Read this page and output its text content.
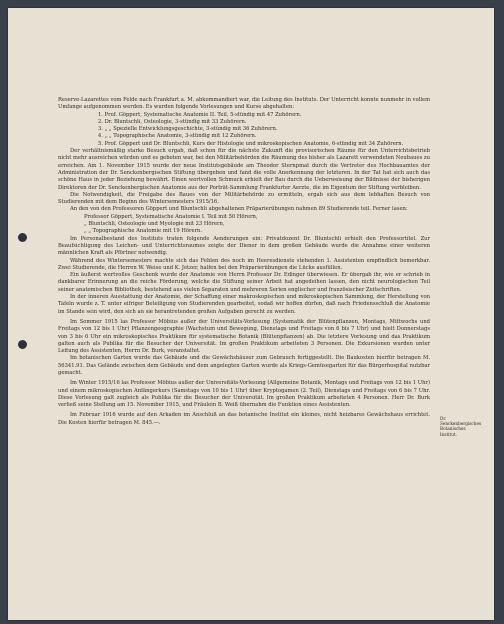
Reserve-Lazarettes vom Felde nach Frankfurt a. M. abkommandiert war, die Leitung des Instituts. Der Unterricht konnte nunmehr in vollem Umfange aufgenommen werden. Es wurden folgende Vorlesungen und Kurse abgehalten:

1. Prof. Göppert, Systematische Anatomie II. Teil, 5-stündig mit 47 Zuhörern.
2. Dr. Bluntschli, Osteologie, 3-stündig mit 33 Zuhörern.
3. „ „ Spezielle Entwicklungsgeschichte, 3-stündig mit 36 Zuhörern.
4. „ „ Topographische Anatomie, 3-stündig mit 12 Zuhörern.
5. Prof. Göppert und Dr. Bluntschli, Kurs der Histologie und mikroskopischen Anatomie, 6-stündig mit 34 Zuhörern.

Der verhältnismäßig starke Besuch ergab, daß schon für die nächste Zukunft die provisorischen Räume für den Unterrichtsbetrieb nicht mehr ausreichen würden und es geboten war, bei den Militärbehörden die Räumung des bisher als Lazarett verwendeten Neubaues zu erreichen. Am 1. November 1915 wurde der neue Institutsgebäude am Theodor Sternpmat durch die Vertreter des Hochbauamtes der Administration der Dr. Senckenbergischen Stiftung übergeben und fand die volle Anerkennung der letzteren. In der Tat hat sich auch das schöne Haus in jeder Beziehung bewährt. Einen wertvollen Schmuck erhielt der Bau durch die Ueberweisung der Bildnisse der bisherigen Direktoren der Dr. Senckenbergischen Anatomie aus der Porträt-Sammlung Frankfurter Aerzte, die im Eigentum der Stiftung verbleiben.

Die Notwendigkeit, die Freigabe des Baues von der Militärbehörde zu ermitteln, ergab sich aus dem lebhaften Besuch von Studierenden mit dem Beginn des Wintersemesters 1915/16.

An den von den Professoren Göppert und Bluntschli abgehaltenen Präparierübungen nahmen 89 Studierende teil. Ferner lasen:

Professor Göppert, Systematische Anatomie I. Teil mit 50 Hörern,
„ Bluntschli, Osteologie und Myologie mit 23 Hörern,
„ „ Topographische Anatomie mit 19 Hörern.

Im Personalbestand des Instituts traten folgende Aenderungen ein: Privatdozent Dr. Bluntschli erhielt den Professortitel. Zur Beaufsichtigung des Leichen- und Unterrichtsraumes zeigte der Diener in dem großen Gebäude wurde die Annahme einer weiteren männlichen Kraft als Pförtner notwendig.

Während des Wintersemesters machte sich das Fehlen des noch im Heeresdienste stehenden 1. Assistenten empfindlich bemerkbar. Zwei Studierende, die Herren W. Weise und K. Jetzer, halfen bei den Präparierübungen die Lücke ausfüllen.

Ein äußerst wertvolles Geschenk wurde der Anatomie von Herrn Professor Dr. Edinger überwiesen. Er übergab ihr, wie er schrieb in dankbarer Erinnerung an die reiche Förderung, welche die Stiftung seiner Arbeit hat angedeihen lassen, den nicht neurologischen Teil seiner anatomischen Bibliothek, bestehend aus vielen Separaten und mehreren Serien englischer und französischer Zeitschriften.

In der inneren Ausstattung der Anatomie, der Schaffung einer makroskopischen und mikroskopischen Sammlung, der Herstellung von Tafeln wurde z. T. unter eifriger Beteiligung von Studierenden gearbeitet, sodaß wir hoffen dürfen, daß nach Friedensschluß die Anatomie im Stande sein wird, den sich an sie herantretenden großen Aufgaben gerecht zu werden.

Im Sommer 1915 las Professor Möbius außer der Universitäts-Vorlesung (Systematik der Blütenpflanzen, Montags, Mittwochs und Freitags von 12 bis 1 Uhr) Pflanzengeographie (Wachstum und Bewegung, Dienstags und Freitags von 6 bis 7 Uhr) und hielt Donnerstags von 3 bis 6 Uhr ein mikroskopisches Praktikum für systematische Botanik (Blütenpflanzen) ab. Die letztere Vorlesung und das Praktikum galten auch als Publika für die Besucher der Universität. Im großen Praktikum arbeiteten 3 Personen. Die Exkursionen wurden unter Leitung des Assistenten, Herrn Dr. Burk, veranstaltet.

Im botanischen Garten wurde das Gebäude und die Gewächshäuser zum Gebrauch fertiggestellt. Die Baukosten hierfür betragen M. 56341.91. Das Gelände zwischen dem Gebäude und dem angelegten Garten wurde als Kriegs-Gemüsegarten für das Bürgerhospital nutzbar gemacht.

Im Winter 1915/16 las Professor Möbius außer der Universitäts-Vorlesung (Allgemeine Botanik, Montags und Freitags von 12 bis 1 Uhr) und einem mikroskopischen Anfängerkurs (Samstags von 10 bis 1 Uhr) über Kryptogamen (2. Teil), Dienstags und Freitags von 6 bis 7 Uhr. Diese Vorlesung galt zugleich als Publika für die Besucher der Universität. Im großen Praktikum arbeiteten 4 Personen. Herr Dr. Burk verließ seine Stellung am 15. November 1915, und Fräulein B. Weiß übernahm die Funktion eines Assistenten.

Im Februar 1916 wurde auf den Arkaden im Anschluß an das botanische Institut ein kleines, nicht heizbares Gewächshaus errichtet. Die Kosten hierfür betragen M. 845.—.

Dr. Senckenbergisches Botanisches Institut.
